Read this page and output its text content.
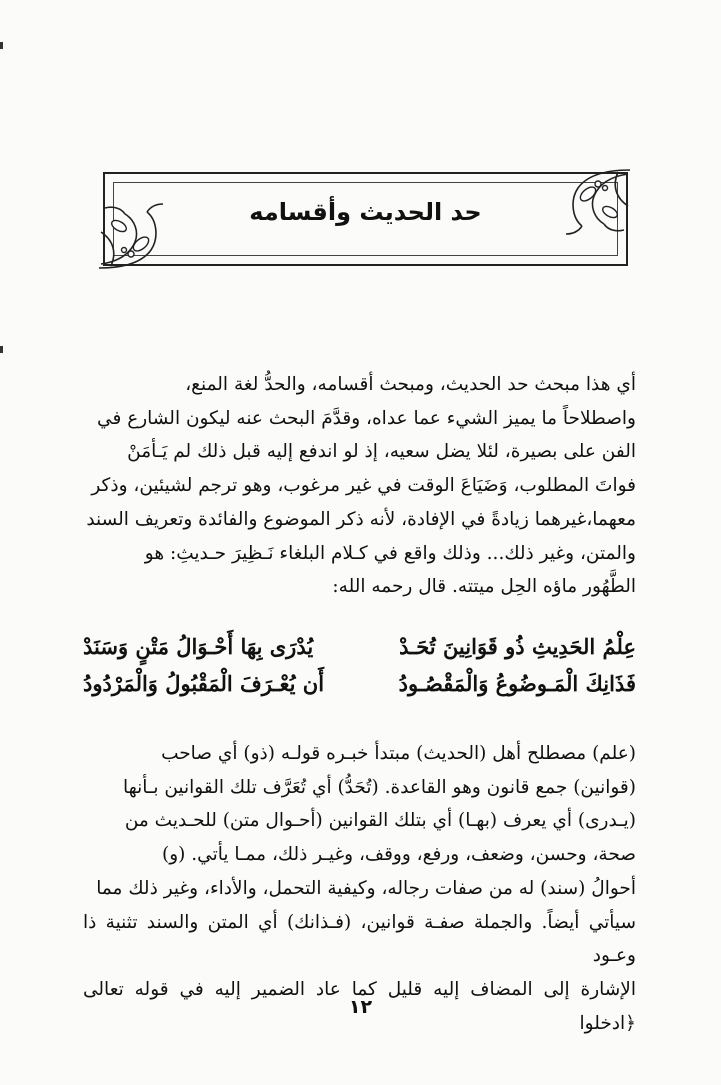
حد الحديث وأقسامه

أي هذا مبحث حد الحديث، ومبحث أقسامه، والحدُّ لغة المنع،

واصطلاحاً ما يميز الشيء عما عداه، وقدَّمَ البحث عنه ليكون الشارع في

الفن على بصيرة، لئلا يضل سعيه، إذ لو اندفع إليه قبل ذلك لم يَـأمَنْ

فواتَ المطلوب، وَضَيَاعَ الوقت في غير مرغوب، وهو ترجم لشيئين، وذكر

معهما،غيرهما زيادةً في الإفادة، لأنه ذكر الموضوع والفائدة وتعريف السند

والمتن، وغير ذلك... وذلك واقع في كـلام البلغاء نَـظِيرَ حـديثِ: هو

الطَّهُور ماؤه الحِل ميتته. قال رحمه الله:

عِلْمُ الحَدِيثِ ذُو قَوَانِينَ تُحَـدْ
يُدْرَى بِهَا أَحْـوَالُ مَتْنٍ وَسَنَدْ
فَذَانِكَ الْمَـوضُوعُ وَالْمَقْصُـودُ
أَن يُعْـرَفَ الْمَقْبُولُ وَالْمَرْدُودُ

(علم) مصطلح أهل (الحديث) مبتدأ خبـره قولـه (ذو) أي صاحب

(قوانين) جمع قانون وهو القاعدة. (تُحَدُّ) أي تُعَرَّف تلك القوانين بـأنها

(يـدرى) أي يعرف (بهـا) أي بتلك القوانين (أحـوال متن) للحـديث من

صحة، وحسن، وضعف، ورفع، ووقف، وغيـر ذلك، ممـا يأتي. (و)

أحوالُ (سند) له من صفات رجاله، وكيفية التحمل، والأداء، وغير ذلك مما

سيأتي أيضاً. والجملة صفـة قوانين، (فـذانك) أي المتن والسند تثنية ذا وعـود

الإشارة إلى المضاف إليه قليل كما عاد الضمير إليه في قوله تعالى ﴿ادخلوا

١٢
